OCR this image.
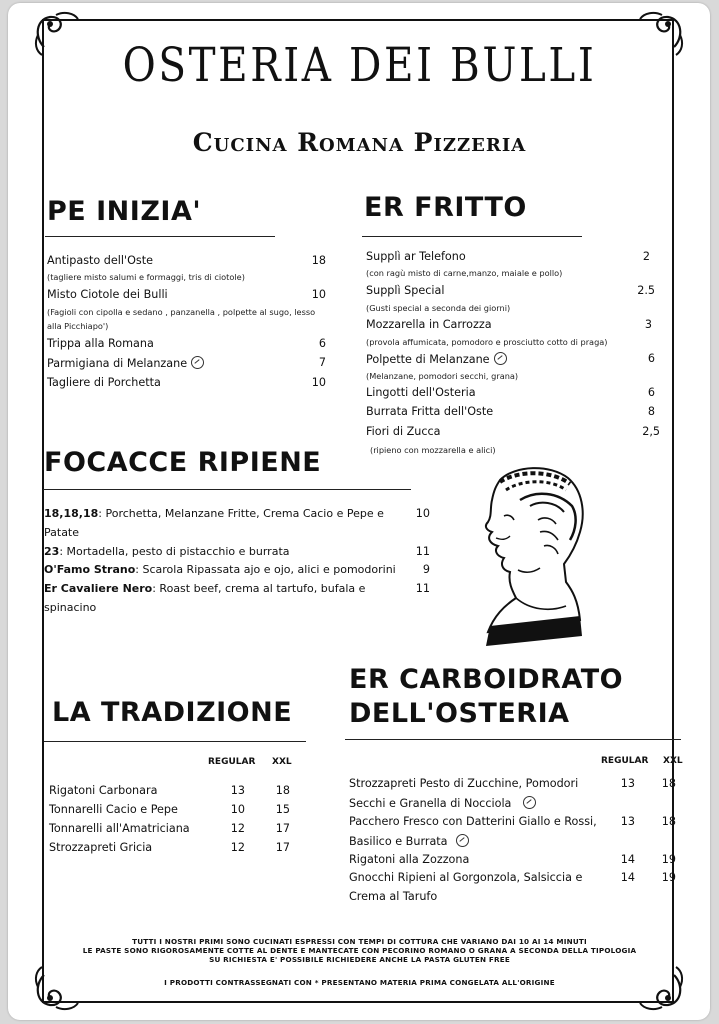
OSTERIA DEI BULLI
Cucina Romana Pizzeria
PE INIZIA'
Antipasto dell'Oste	18
(tagliere misto salumi e formaggi, tris di ciotole)
Misto Ciotole dei Bulli	10
(Fagioli con cipolla e sedano , panzanella , polpette al sugo, lesso
alla Picchiapo')
Trippa alla Romana	6
Parmigiana di Melanzane	7
Tagliere di Porchetta	10
ER FRITTO
Supplì ar Telefono	2
(con ragù misto di carne,manzo, maiale e pollo)
Supplì Special	2.5
(Gusti special a seconda dei giorni)
Mozzarella in Carrozza	3
(provola affumicata, pomodoro e prosciutto cotto di praga)
Polpette di Melanzane	6
(Melanzane, pomodori secchi, grana)
Lingotti dell'Osteria	6
Burrata Fritta dell'Oste	8
Fiori di Zucca	2,5
(ripieno con mozzarella e alici)
FOCACCE RIPIENE
18,18,18: Porchetta, Melanzane Fritte, Crema Cacio e Pepe e
Patate
10
23: Mortadella, pesto di pistacchio e burrata	11
O'Famo Strano: Scarola Ripassata ajo e ojo, alici e pomodorini	9
Er Cavaliere Nero: Roast beef, crema al tartufo, bufala e
spinacino
11
LA TRADIZIONE
REGULAR XXL
Rigatoni Carbonara	13	18
Tonnarelli Cacio e Pepe	10	15
Tonnarelli all'Amatriciana	12	17
Strozzapreti Gricia	12	17
ER CARBOIDRATO
DELL'OSTERIA
REGULAR XXL
Strozzapreti Pesto di Zucchine, Pomodori
Secchi e Granella di Nocciola
13	18
Pacchero Fresco con Datterini Giallo e Rossi,
Basilico e Burrata
13	18
Rigatoni alla Zozzona	14	19
Gnocchi Ripieni al Gorgonzola, Salsiccia e
Crema al Tarufo
14	19
TUTTI I NOSTRI PRIMI SONO CUCINATI ESPRESSI CON TEMPI DI COTTURA CHE VARIANO DAI 10 AI 14 MINUTI
LE PASTE SONO RIGOROSAMENTE COTTE AL DENTE E MANTECATE CON PECORINO ROMANO O GRANA A SECONDA DELLA TIPOLOGIA
SU RICHIESTA E' POSSIBILE RICHIEDERE ANCHE LA PASTA GLUTEN FREE
I PRODOTTI CONTRASSEGNATI CON * PRESENTANO MATERIA PRIMA CONGELATA ALL'ORIGINE
